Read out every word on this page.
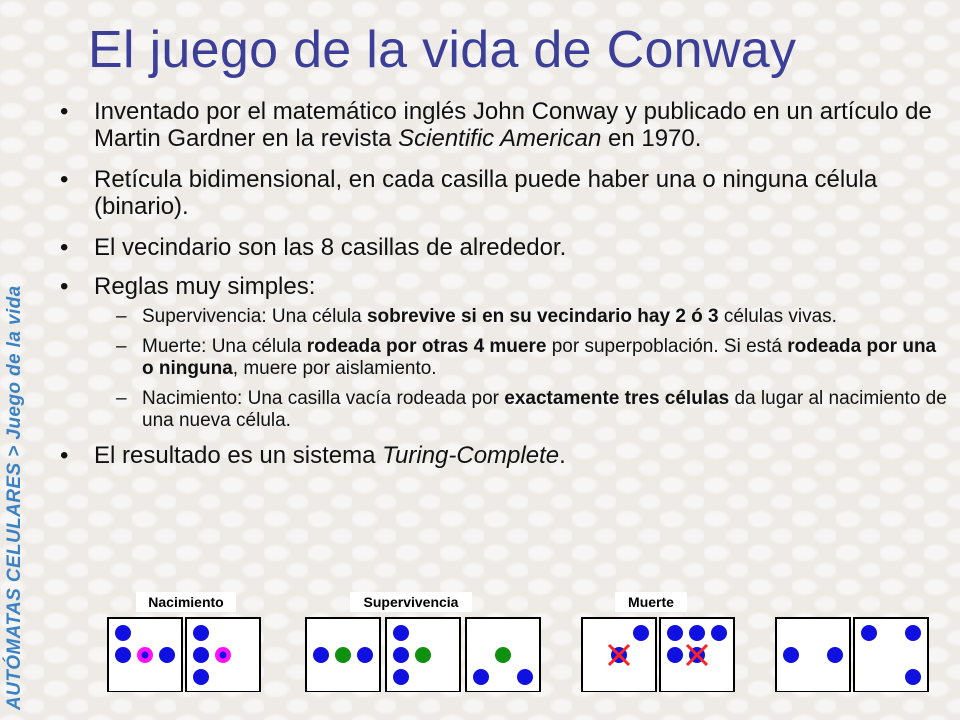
El juego de la vida de Conway
AUTÓMATAS CELULARES > Juego de la vida
• Inventado por el matemático inglés John Conway y publicado en un artículo de Martin Gardner en la revista Scientific American en 1970.
• Retícula bidimensional, en cada casilla puede haber una o ninguna célula (binario).
• El vecindario son las 8 casillas de alrededor.
• Reglas muy simples:
– Supervivencia: Una célula sobrevive si en su vecindario hay 2 ó 3 células vivas.
– Muerte: Una célula rodeada por otras 4 muere por superpoblación. Si está rodeada por una o ninguna, muere por aislamiento.
– Nacimiento: Una casilla vacía rodeada por exactamente tres células da lugar al nacimiento de una nueva célula.
• El resultado es un sistema Turing-Complete.
Nacimiento	Supervivencia	Muerte
